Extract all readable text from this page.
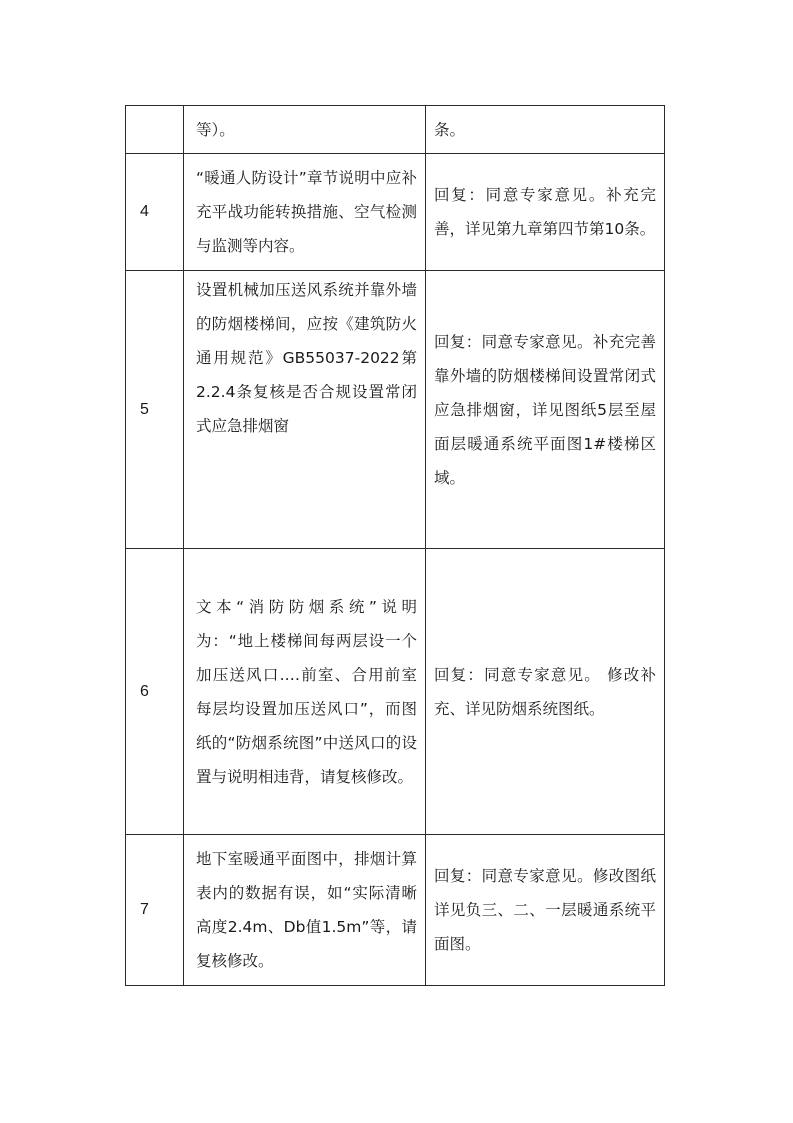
	等）。	条。

4	“暖通人防设计”章节说明中应补充平战功能转换措施、空气检测与监测等内容。	回复：同意专家意见。补充完善，详见第九章第四节第10条。

5	设置机械加压送风系统并靠外墙的防烟楼梯间，应按《建筑防火通用规范》GB55037-2022第2.2.4条复核是否合规设置常闭式应急排烟窗	回复：同意专家意见。补充完善靠外墙的防烟楼梯间设置常闭式应急排烟窗，详见图纸5层至屋面层暖通系统平面图1#楼梯区域。

6	文本“消防防烟系统”说明为：“地上楼梯间每两层设一个加压送风口.…前室、合用前室每层均设置加压送风口”，而图纸的“防烟系统图”中送风口的设置与说明相违背，请复核修改。	回复：同意专家意见。 修改补充、详见防烟系统图纸。

7	地下室暖通平面图中，排烟计算表内的数据有误，如“实际清晰高度2.4m、Db值1.5m”等，请复核修改。	回复：同意专家意见。修改图纸详见负三、二、一层暖通系统平面图。
